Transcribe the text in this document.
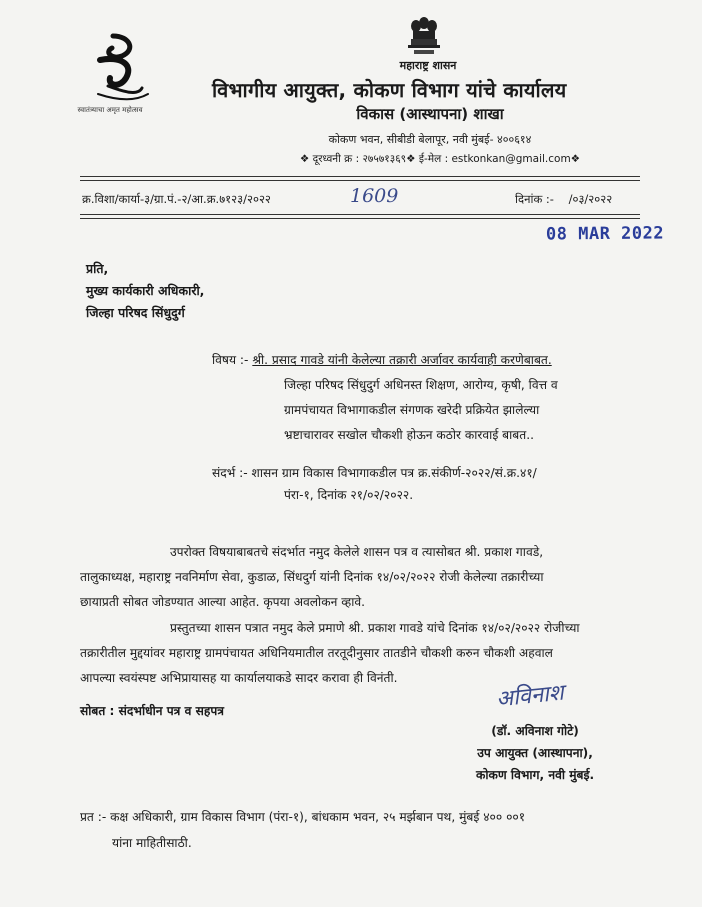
स्वातंत्र्याचा अमृत महोत्सव
महाराष्ट्र शासन
विभागीय आयुक्त, कोकण विभाग यांचे कार्यालय
विकास (आस्थापना) शाखा
कोकण भवन, सीबीडी बेलापूर, नवी मुंबई- ४००६१४
❖ दूरध्वनी क्र : २७५७१३६९❖ ई-मेल : estkonkan@gmail.com❖
क्र.विशा/कार्या-३/ग्रा.पं.-२/आ.क्र.७१२३/२०२२	1609	दिनांक :- /०३/२०२२
08 MAR 2022
प्रति,
मुख्य कार्यकारी अधिकारी,
जिल्हा परिषद सिंधुदुर्ग
विषय :- श्री. प्रसाद गावडे यांनी केलेल्या तक्रारी अर्जावर कार्यवाही करणेबाबत.
जिल्हा परिषद सिंधुदुर्ग अधिनस्त शिक्षण, आरोग्य, कृषी, वित्त व
ग्रामपंचायत विभागाकडील संगणक खरेदी प्रक्रियेत झालेल्या
भ्रष्टाचारावर सखोल चौकशी होऊन कठोर कारवाई बाबत..
संदर्भ :- शासन ग्राम विकास विभागाकडील पत्र क्र.संकीर्ण-२०२२/सं.क्र.४१/
पंरा-१, दिनांक २१/०२/२०२२.
उपरोक्त विषयाबाबतचे संदर्भात नमुद केलेले शासन पत्र व त्यासोबत श्री. प्रकाश गावडे,
तालुकाध्यक्ष, महाराष्ट्र नवनिर्माण सेवा, कुडाळ, सिंधदुर्ग यांनी दिनांक १४/०२/२०२२ रोजी केलेल्या तक्रारीच्या
छायाप्रती सोबत जोडण्यात आल्या आहेत. कृपया अवलोकन व्हावे.
प्रस्तुतच्या शासन पत्रात नमुद केले प्रमाणे श्री. प्रकाश गावडे यांचे दिनांक १४/०२/२०२२ रोजीच्या
तक्रारीतील मुद्दयांवर महाराष्ट्र ग्रामपंचायत अधिनियमातील तरतूदीनुसार तातडीने चौकशी करुन चौकशी अहवाल
आपल्या स्वयंस्पष्ट अभिप्रायासह या कार्यालयाकडे सादर करावा ही विनंती.
सोबत : संदर्भाधीन पत्र व सहपत्र	अविनाश
(डॉ. अविनाश गोटे)
उप आयुक्त (आस्थापना),
कोकण विभाग, नवी मुंबई.
प्रत :- कक्ष अधिकारी, ग्राम विकास विभाग (पंरा-१), बांधकाम भवन, २५ मर्झबान पथ, मुंबई ४०० ००१
यांना माहितीसाठी.
